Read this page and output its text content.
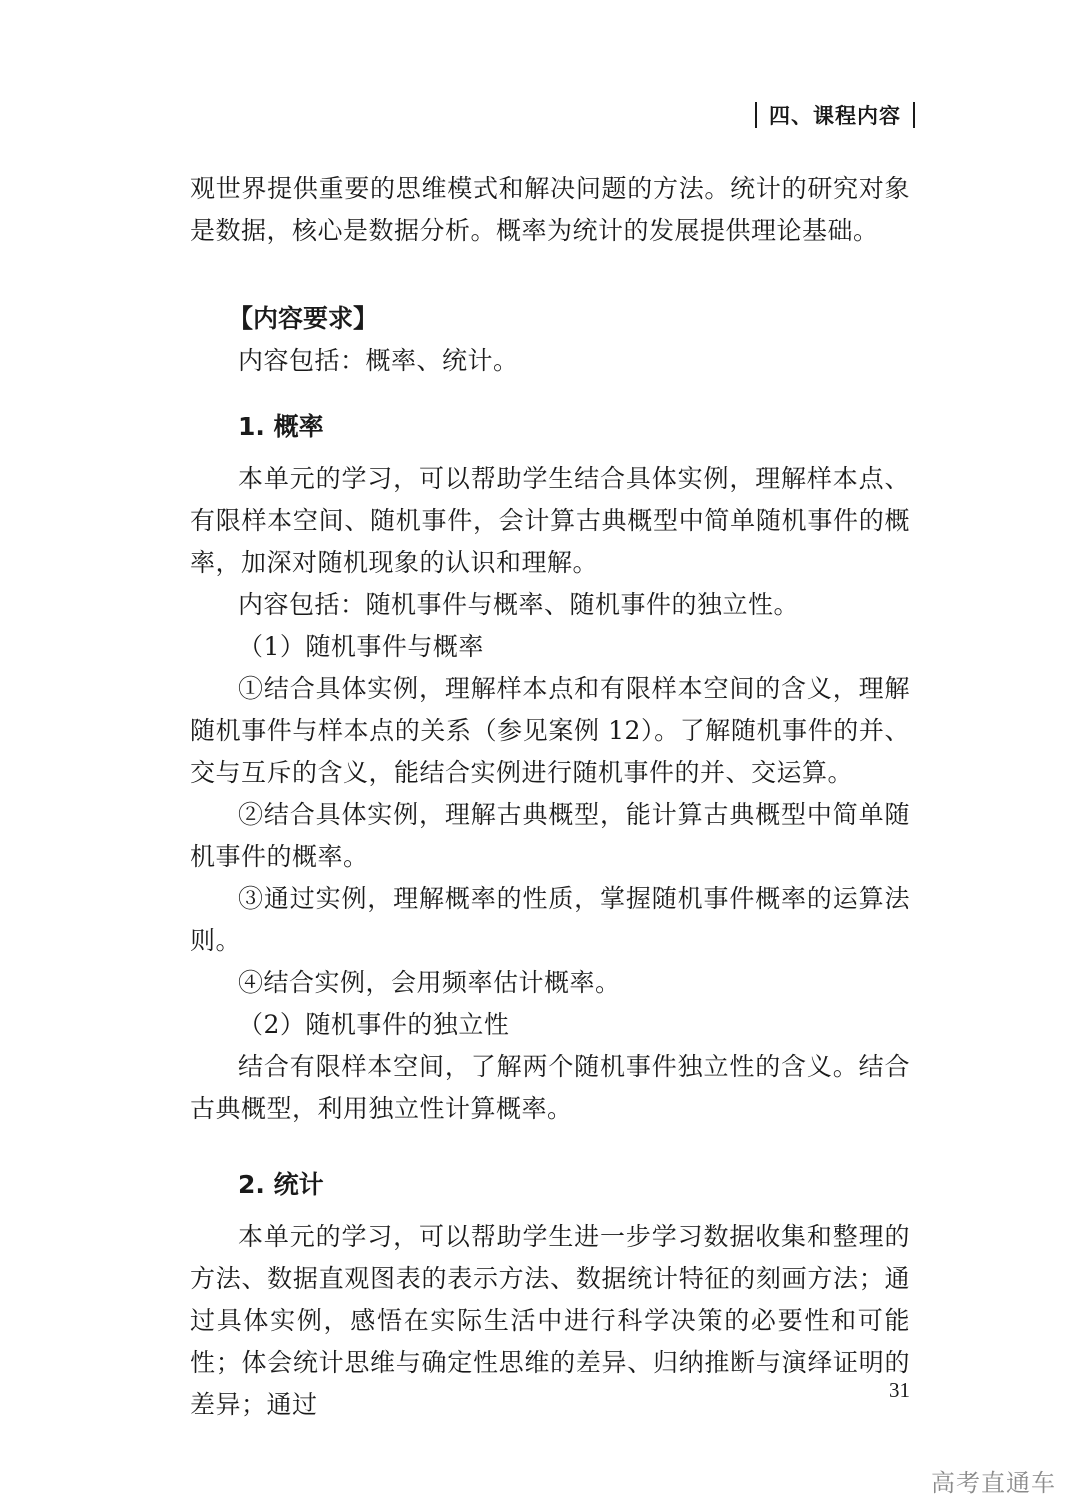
四、课程内容

观世界提供重要的思维模式和解决问题的方法。统计的研究对象是数据，核心是数据分析。概率为统计的发展提供理论基础。

【内容要求】

内容包括：概率、统计。

1. 概率

本单元的学习，可以帮助学生结合具体实例，理解样本点、有限样本空间、随机事件，会计算古典概型中简单随机事件的概率，加深对随机现象的认识和理解。

内容包括：随机事件与概率、随机事件的独立性。

（1）随机事件与概率

①结合具体实例，理解样本点和有限样本空间的含义，理解随机事件与样本点的关系（参见案例 12）。了解随机事件的并、交与互斥的含义，能结合实例进行随机事件的并、交运算。

②结合具体实例，理解古典概型，能计算古典概型中简单随机事件的概率。

③通过实例，理解概率的性质，掌握随机事件概率的运算法则。

④结合实例，会用频率估计概率。

（2）随机事件的独立性

结合有限样本空间，了解两个随机事件独立性的含义。结合古典概型，利用独立性计算概率。

2. 统计

本单元的学习，可以帮助学生进一步学习数据收集和整理的方法、数据直观图表的表示方法、数据统计特征的刻画方法；通过具体实例，感悟在实际生活中进行科学决策的必要性和可能性；体会统计思维与确定性思维的差异、归纳推断与演绎证明的差异；通过	31
高考直通车
